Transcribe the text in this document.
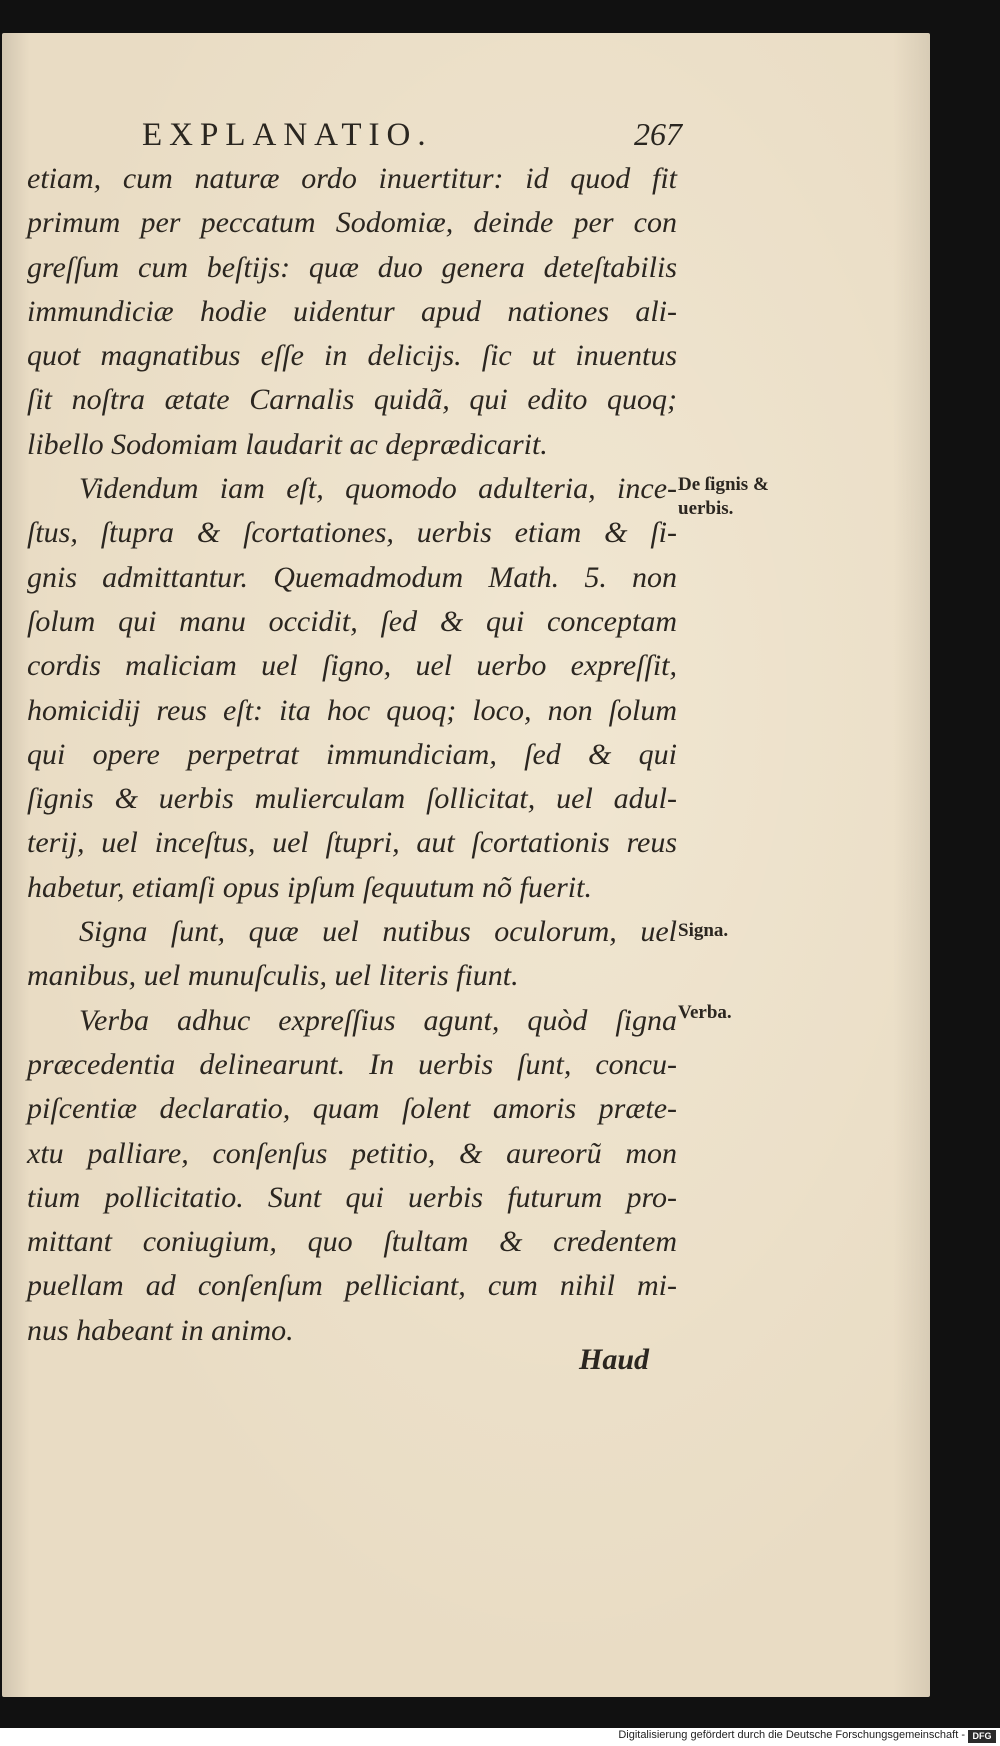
EXPLANATIO.	267
etiam, cum naturæ ordo inuertitur: id quod fit
primum per peccatum Sodomiæ, deinde per con
greſſum cum beſtijs: quæ duo genera deteſtabilis
immundiciæ hodie uidentur apud nationes ali-
quot magnatibus eſſe in delicijs. ſic ut inuentus
ſit noſtra ætate Carnalis quidã, qui edito quoq;
libello Sodomiam laudarit ac deprædicarit.
Videndum iam eſt, quomodo adulteria, ince-
ſtus, ſtupra & ſcortationes, uerbis etiam & ſi-
gnis admittantur. Quemadmodum Math. 5. non
ſolum qui manu occidit, ſed & qui conceptam
cordis maliciam uel ſigno, uel uerbo expreſſit,
homicidij reus eſt: ita hoc quoq; loco, non ſolum
qui opere perpetrat immundiciam, ſed & qui
ſignis & uerbis mulierculam ſollicitat, uel adul-
terij, uel inceſtus, uel ſtupri, aut ſcortationis reus
habetur, etiamſi opus ipſum ſequutum nõ fuerit.
Signa ſunt, quæ uel nutibus oculorum, uel
manibus, uel munuſculis, uel literis fiunt.
Verba adhuc expreſſius agunt, quòd ſigna
præcedentia delinearunt. In uerbis ſunt, concu-
piſcentiæ declaratio, quam ſolent amoris præte-
xtu palliare, conſenſus petitio, & aureorũ mon
tium pollicitatio. Sunt qui uerbis futurum pro-
mittant coniugium, quo ſtultam & credentem
puellam ad conſenſum pelliciant, cum nihil mi-
nus habeant in animo.
De ſignis &
uerbis.
Signa.
Verba.
Haud
Digitalisierung gefördert durch die Deutsche Forschungsgemeinschaft - DFG
